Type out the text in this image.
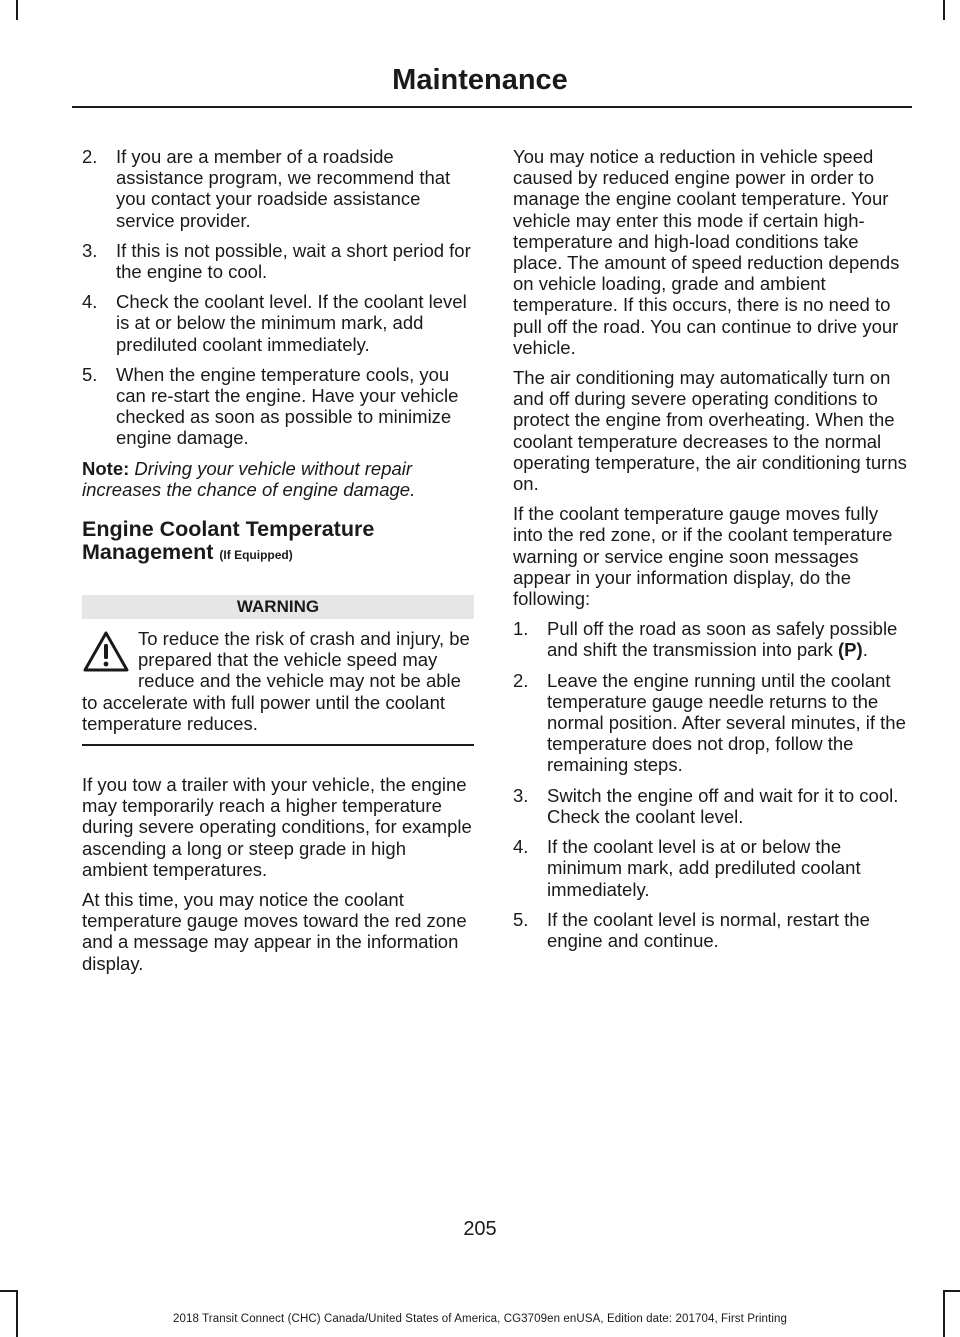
Maintenance
2. If you are a member of a roadside assistance program, we recommend that you contact your roadside assistance service provider.
3. If this is not possible, wait a short period for the engine to cool.
4. Check the coolant level. If the coolant level is at or below the minimum mark, add prediluted coolant immediately.
5. When the engine temperature cools, you can re-start the engine. Have your vehicle checked as soon as possible to minimize engine damage.

Note: Driving your vehicle without repair increases the chance of engine damage.

Engine Coolant Temperature Management (If Equipped)
WARNING
To reduce the risk of crash and injury, be prepared that the vehicle speed may reduce and the vehicle may not be able to accelerate with full power until the coolant temperature reduces.

If you tow a trailer with your vehicle, the engine may temporarily reach a higher temperature during severe operating conditions, for example ascending a long or steep grade in high ambient temperatures.

At this time, you may notice the coolant temperature gauge moves toward the red zone and a message may appear in the information display.

You may notice a reduction in vehicle speed caused by reduced engine power in order to manage the engine coolant temperature. Your vehicle may enter this mode if certain high-temperature and high-load conditions take place. The amount of speed reduction depends on vehicle loading, grade and ambient temperature. If this occurs, there is no need to pull off the road. You can continue to drive your vehicle.

The air conditioning may automatically turn on and off during severe operating conditions to protect the engine from overheating. When the coolant temperature decreases to the normal operating temperature, the air conditioning turns on.

If the coolant temperature gauge moves fully into the red zone, or if the coolant temperature warning or service engine soon messages appear in your information display, do the following:

1. Pull off the road as soon as safely possible and shift the transmission into park (P).
2. Leave the engine running until the coolant temperature gauge needle returns to the normal position. After several minutes, if the temperature does not drop, follow the remaining steps.
3. Switch the engine off and wait for it to cool. Check the coolant level.
4. If the coolant level is at or below the minimum mark, add prediluted coolant immediately.
5. If the coolant level is normal, restart the engine and continue.
205
2018 Transit Connect (CHC) Canada/United States of America, CG3709en enUSA, Edition date: 201704, First Printing
